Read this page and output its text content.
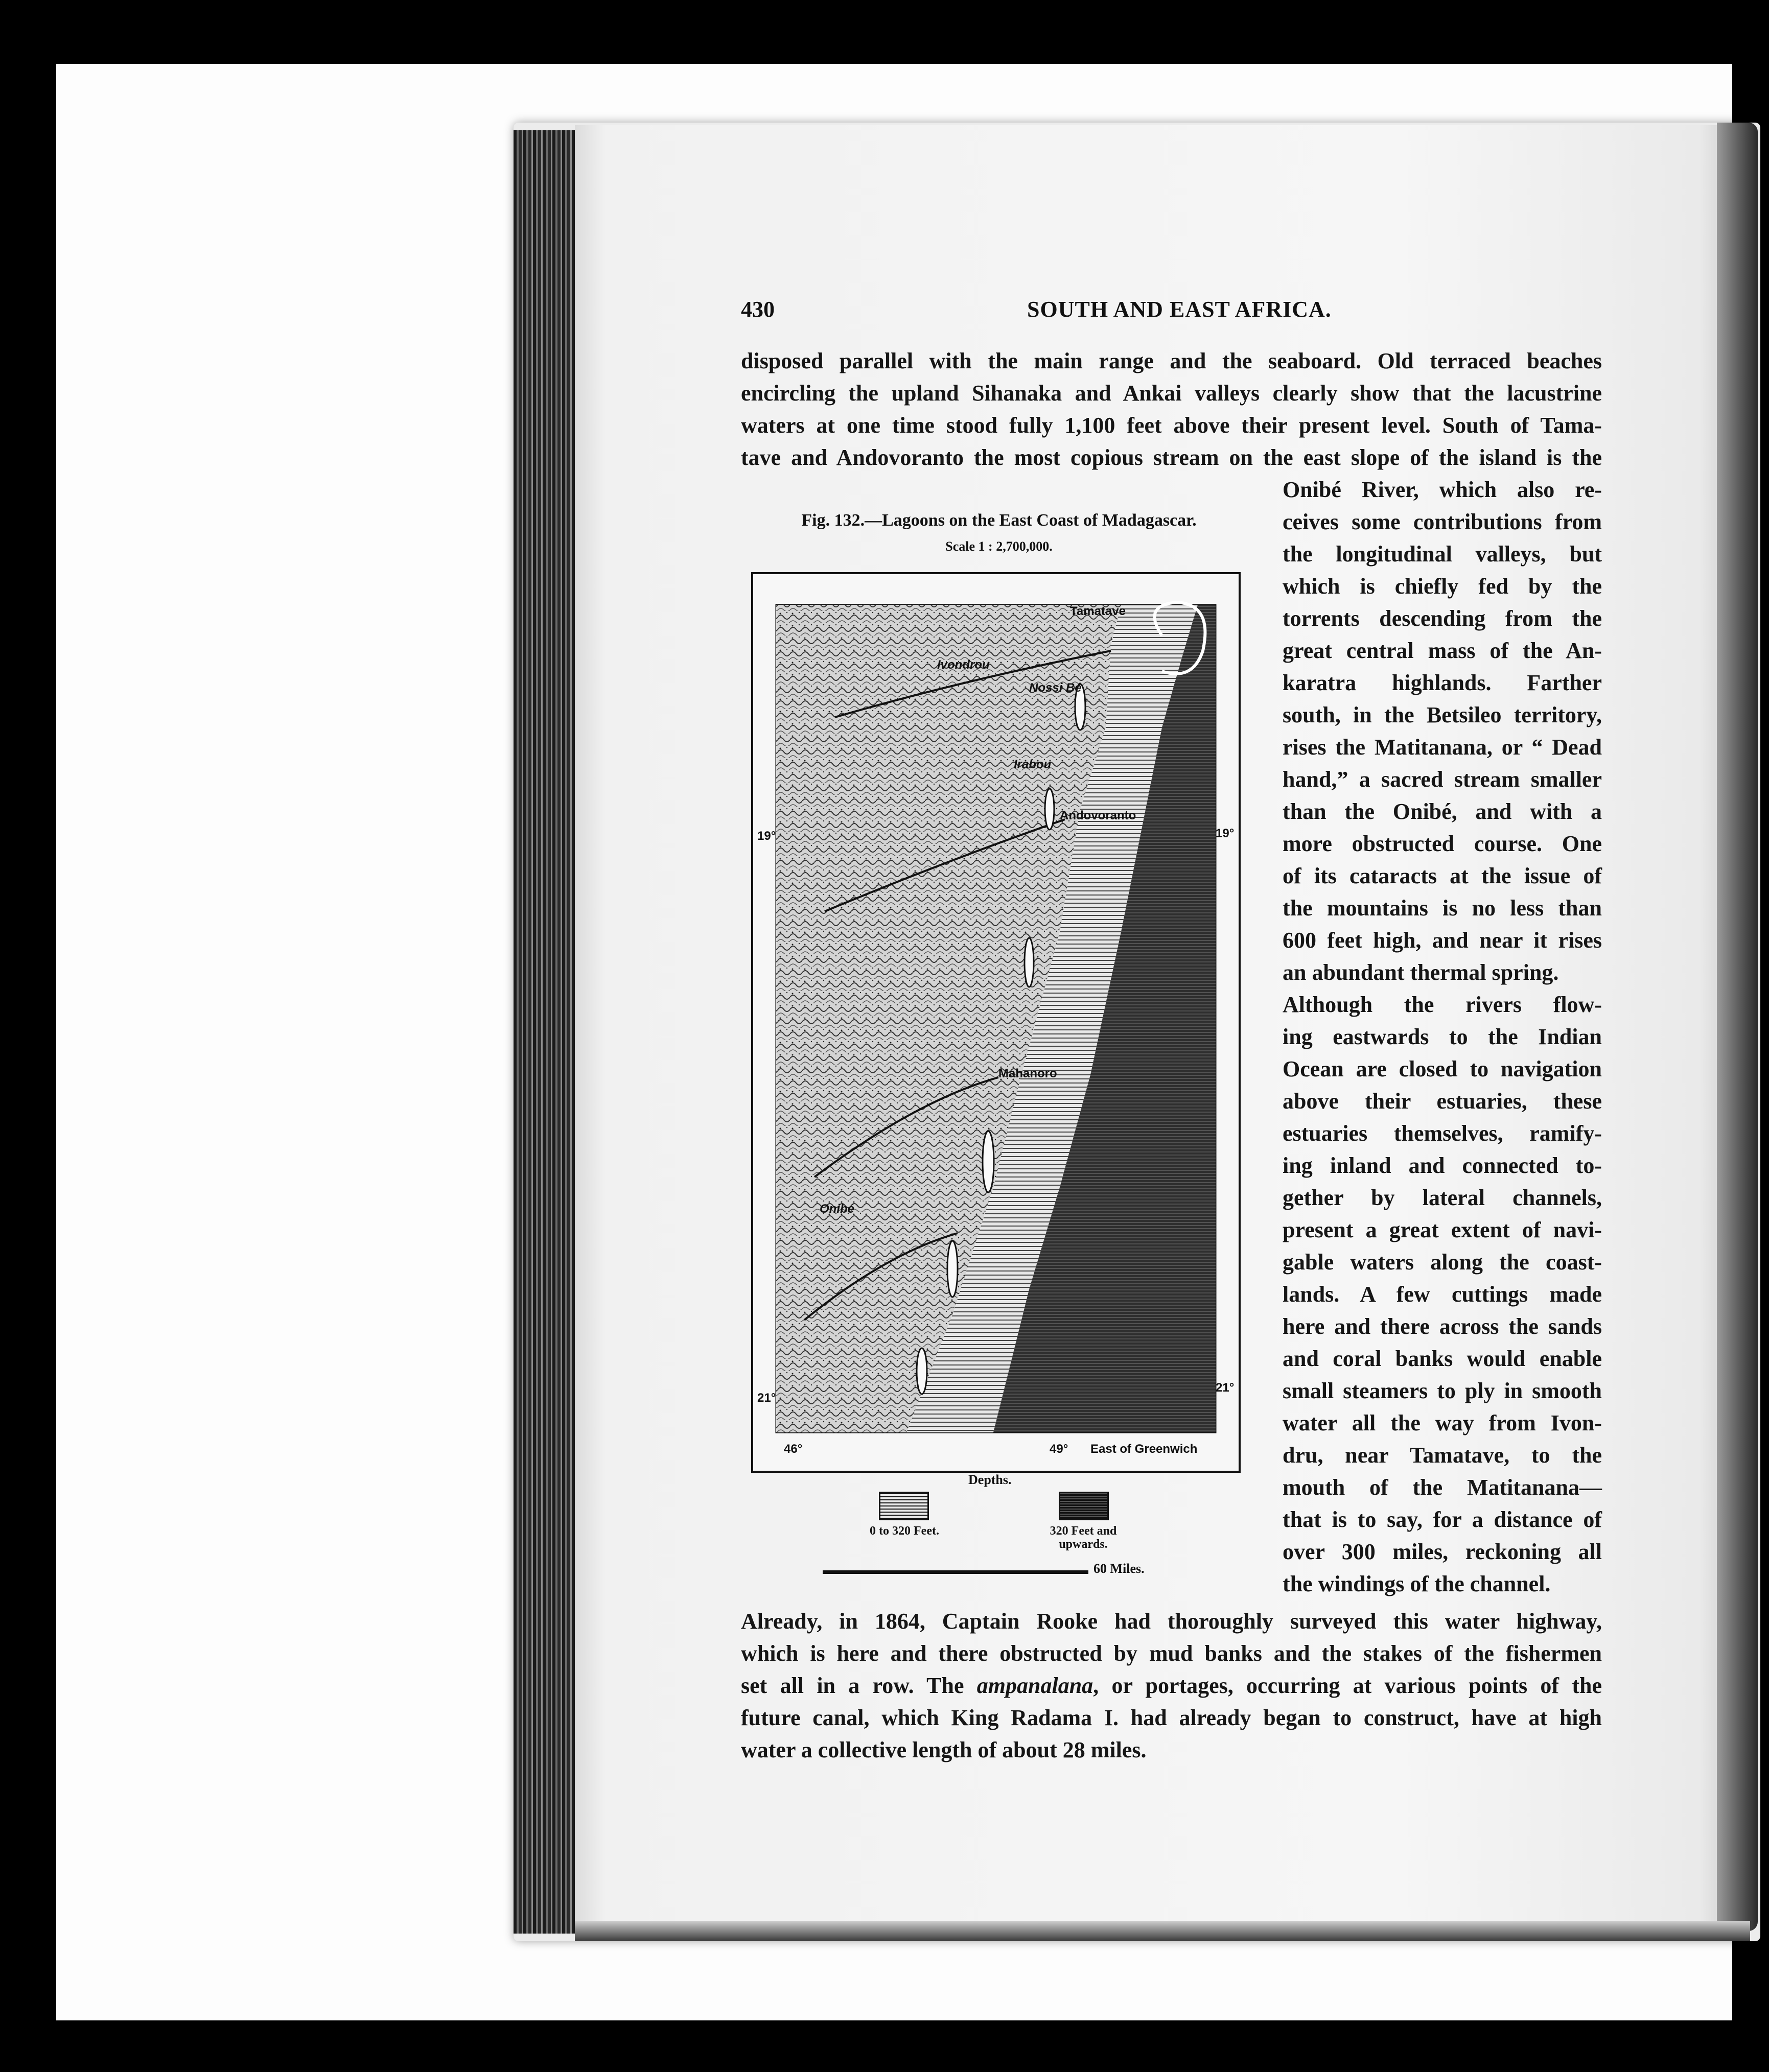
430	SOUTH AND EAST AFRICA.
disposed parallel with the main range and the seaboard. Old terraced beaches
encircling the upland Sihanaka and Ankai valleys clearly show that the lacustrine
waters at one time stood fully 1,100 feet above their present level. South of Tama-
tave and Andovoranto the most copious stream on the east slope of the island is the
Onibé River, which also re-
ceives some contributions from
the longitudinal valleys, but
which is chiefly fed by the
torrents descending from the
great central mass of the An-
karatra highlands. Farther
south, in the Betsileo territory,
rises the Matitanana, or “ Dead
hand,” a sacred stream smaller
than the Onibé, and with a
more obstructed course. One
of its cataracts at the issue of
the mountains is no less than
600 feet high, and near it rises
an abundant thermal spring.
Although the rivers flow-
ing eastwards to the Indian
Ocean are closed to navigation
above their estuaries, these
estuaries themselves, ramify-
ing inland and connected to-
gether by lateral channels,
present a great extent of navi-
gable waters along the coast-
lands. A few cuttings made
here and there across the sands
and coral banks would enable
small steamers to ply in smooth
water all the way from Ivon-
dru, near Tamatave, to the
mouth of the Matitanana—
that is to say, for a distance of
over 300 miles, reckoning all
the windings of the channel.
Already, in 1864, Captain Rooke had thoroughly surveyed this water highway,
which is here and there obstructed by mud banks and the stakes of the fishermen
set all in a row. The ampanalana, or portages, occurring at various points of the
future canal, which King Radama I. had already began to construct, have at high
water a collective length of about 28 miles.
Fig. 132.—Lagoons on the East Coast of Madagascar.
Scale 1 : 2,700,000.
Tamatave
Nossi Bé
Irabou
Andovoranto
Ivondrou
Mahanoro
Onibé
19°	19°
21°
21°
46°	49° East of Greenwich
Depths.
0 to 320 Feet.	320 Feet and upwards.
60 Miles.
